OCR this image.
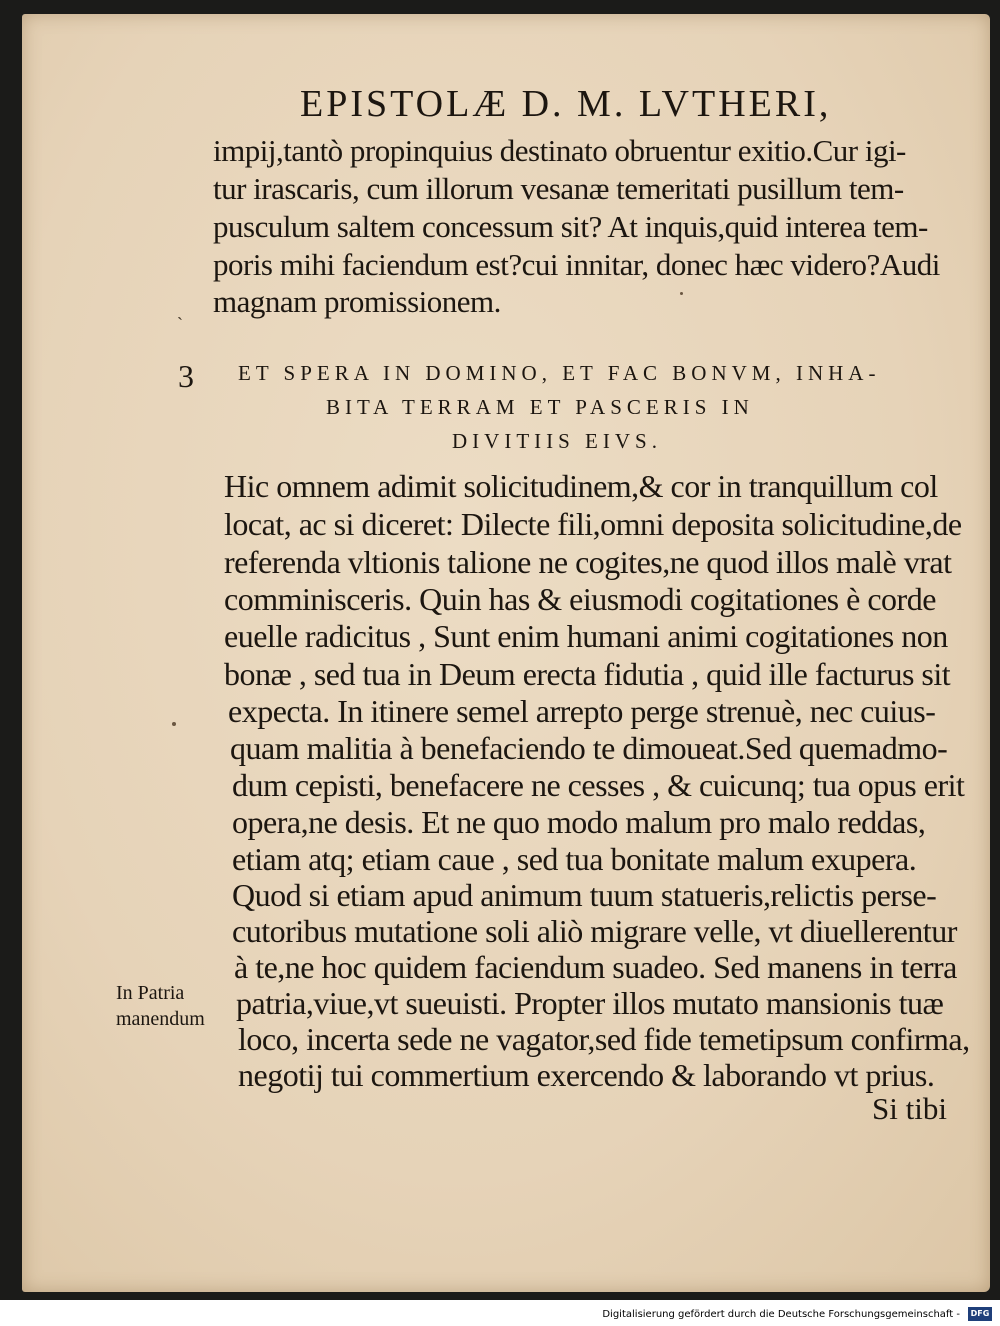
EPISTOLÆ D. M. LVTHERI,
ˏ
impij,tantò propinquius destinato obruentur exitio.Cur igi-
tur irascaris, cum illorum vesanæ temeritati pusillum tem-
pusculum saltem concessum sit? At inquis,quid interea tem-
poris mihi faciendum est?cui innitar, donec hæc videro?Audi
magnam promissionem.
3 ET SPERA IN DOMINO, ET FAC BONVM, INHA-
BITA TERRAM ET PASCERIS IN
DIVITIIS EIVS.
Hic omnem adimit solicitudinem,& cor in tranquillum col
locat, ac si diceret: Dilecte fili,omni deposita solicitudine,de
referenda vltionis talione ne cogites,ne quod illos malè vrat
comminisceris. Quin has & eiusmodi cogitationes è corde
euelle radicitus , Sunt enim humani animi cogitationes non
bonæ , sed tua in Deum erecta fidutia , quid ille facturus sit
expecta. In itinere semel arrepto perge strenuè, nec cuius-
quam malitia à benefaciendo te dimoueat.Sed quemadmo-
dum cepisti, benefacere ne cesses , & cuicunq; tua opus erit
opera,ne desis. Et ne quo modo malum pro malo reddas,
etiam atq; etiam caue , sed tua bonitate malum exupera.
Quod si etiam apud animum tuum statueris,relictis perse-
cutoribus mutatione soli aliò migrare velle, vt diuellerentur
à te,ne hoc quidem faciendum suadeo. Sed manens in terra
patria,viue,vt sueuisti. Propter illos mutato mansionis tuæ
loco, incerta sede ne vagator,sed fide temetipsum confirma,
negotij tui commertium exercendo & laborando vt prius.
In Patria
manendum
Si tibi
Digitalisierung gefördert durch die Deutsche Forschungsgemeinschaft -	DFG
